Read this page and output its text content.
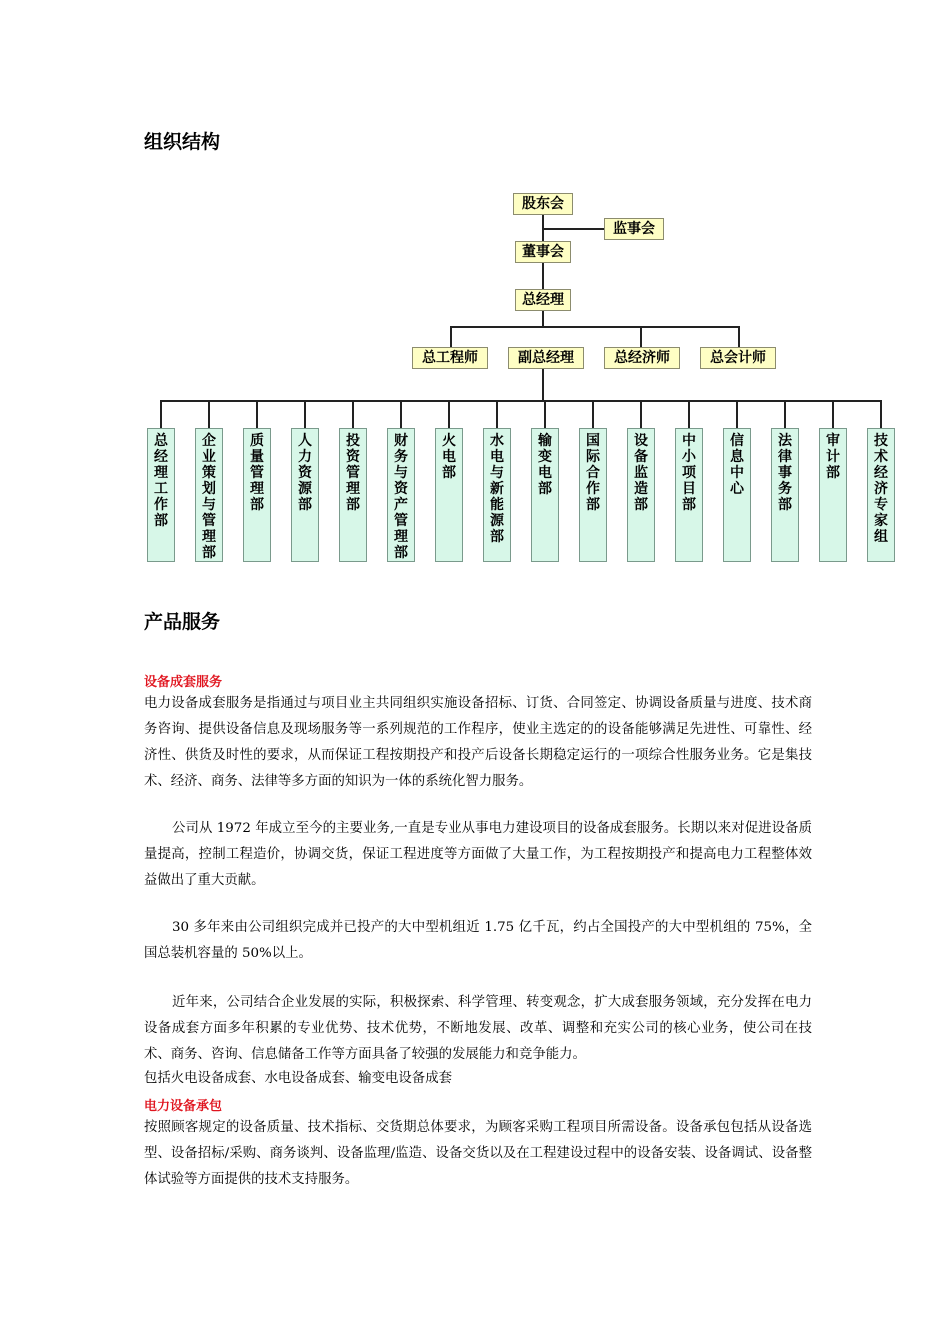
组织结构
股东会
监事会
董事会
总经理
总工程师	副总经理	总经济师	总会计师
总经理工作部
企业策划与管理部
质量管理部
人力资源部
投资管理部
财务与资产管理部
火电部
水电与新能源部
输变电部
国际合作部
设备监造部
中小项目部
信息中心
法律事务部
审计部
技术经济专家组
产品服务
设备成套服务
电力设备成套服务是指通过与项目业主共同组织实施设备招标、订货、合同签定、协调设备质量与进度、技术商务咨询、提供设备信息及现场服务等一系列规范的工作程序，使业主选定的的设备能够满足先进性、可靠性、经济性、供货及时性的要求，从而保证工程按期投产和投产后设备长期稳定运行的一项综合性服务业务。它是集技术、经济、商务、法律等多方面的知识为一体的系统化智力服务。
公司从 1972 年成立至今的主要业务,一直是专业从事电力建设项目的设备成套服务。长期以来对促进设备质量提高，控制工程造价，协调交货，保证工程进度等方面做了大量工作，为工程按期投产和提高电力工程整体效益做出了重大贡献。
30 多年来由公司组织完成并已投产的大中型机组近 1.75 亿千瓦，约占全国投产的大中型机组的 75%，全国总装机容量的 50%以上。
近年来，公司结合企业发展的实际，积极探索、科学管理、转变观念，扩大成套服务领域，充分发挥在电力设备成套方面多年积累的专业优势、技术优势，不断地发展、改革、调整和充实公司的核心业务，使公司在技术、商务、咨询、信息储备工作等方面具备了较强的发展能力和竞争能力。
包括火电设备成套、水电设备成套、输变电设备成套
电力设备承包
按照顾客规定的设备质量、技术指标、交货期总体要求，为顾客采购工程项目所需设备。设备承包包括从设备选型、设备招标/采购、商务谈判、设备监理/监造、设备交货以及在工程建设过程中的设备安装、设备调试、设备整体试验等方面提供的技术支持服务。
